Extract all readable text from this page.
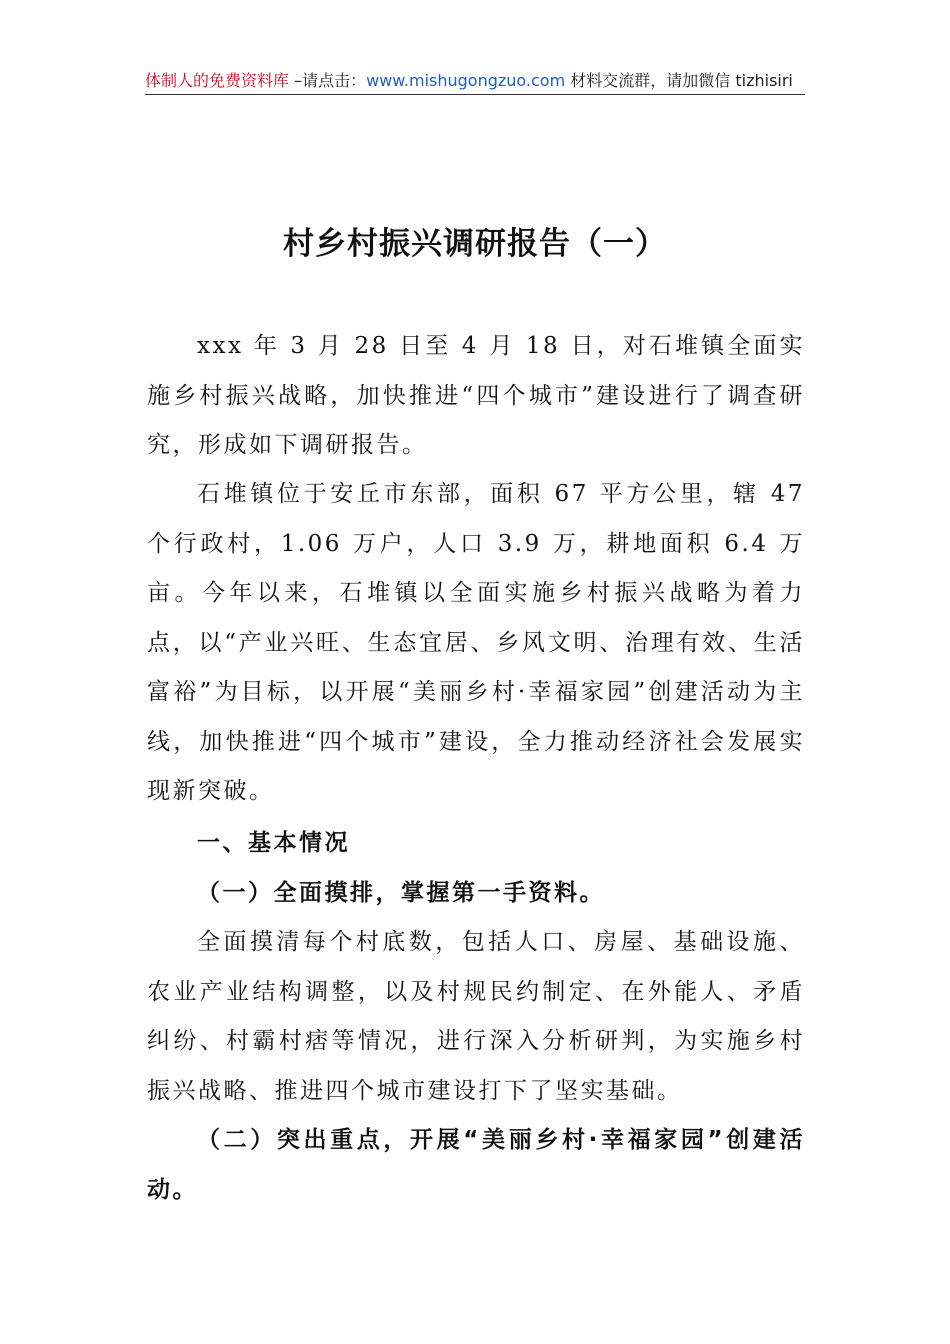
体制人的免费资料库 –请点击：www.mishugongzuo.com 材料交流群，请加微信 tizhisiri
村乡村振兴调研报告（一）

xxx 年 3 月 28 日至 4 月 18 日，对石堆镇全面实施乡村振兴战略，加快推进“四个城市”建设进行了调查研究，形成如下调研报告。

石堆镇位于安丘市东部，面积 67 平方公里，辖 47 个行政村，1.06 万户，人口 3.9 万，耕地面积 6.4 万亩。今年以来，石堆镇以全面实施乡村振兴战略为着力点，以“产业兴旺、生态宜居、乡风文明、治理有效、生活富裕”为目标，以开展“美丽乡村·幸福家园”创建活动为主线，加快推进“四个城市”建设，全力推动经济社会发展实现新突破。

一、基本情况

（一）全面摸排，掌握第一手资料。

全面摸清每个村底数，包括人口、房屋、基础设施、农业产业结构调整，以及村规民约制定、在外能人、矛盾纠纷、村霸村痞等情况，进行深入分析研判，为实施乡村振兴战略、推进四个城市建设打下了坚实基础。

（二）突出重点，开展“美丽乡村·幸福家园”创建活动。
